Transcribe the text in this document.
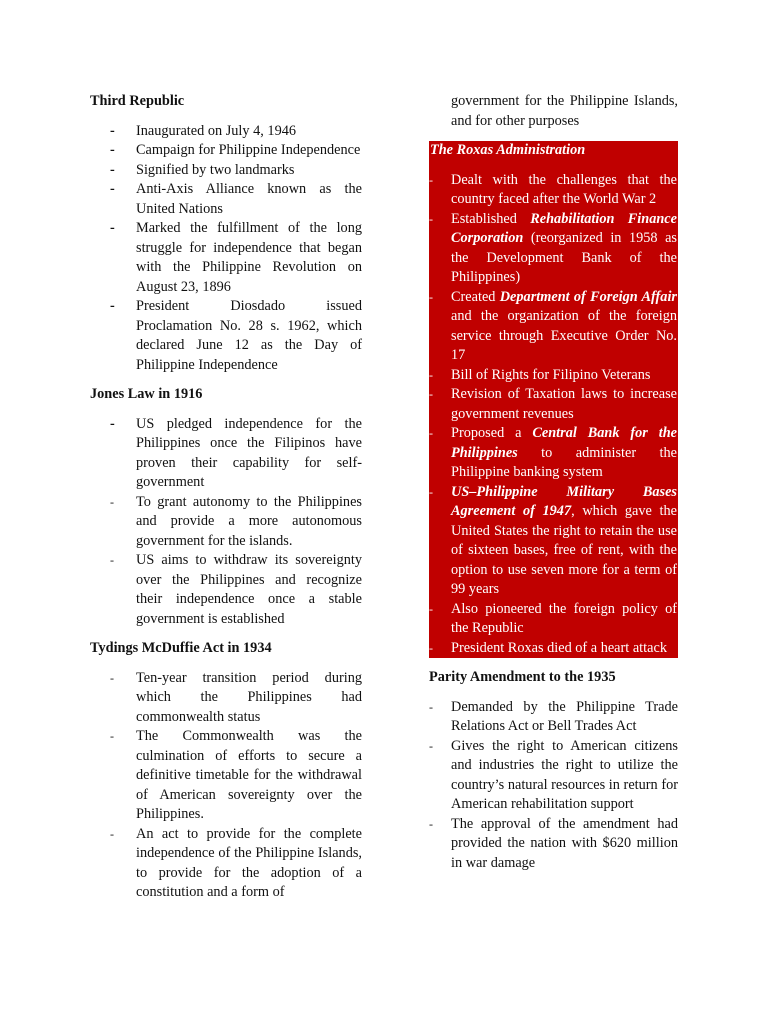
Third Republic

- Inaugurated on July 4, 1946
- Campaign for Philippine Independence
- Signified by two landmarks
- Anti-Axis Alliance known as the United Nations
- Marked the fulfillment of the long struggle for independence that began with the Philippine Revolution on August 23, 1896
- President Diosdado issued Proclamation No. 28 s. 1962, which declared June 12 as the Day of Philippine Independence

Jones Law in 1916

- US pledged independence for the Philippines once the Filipinos have proven their capability for self-government
- To grant autonomy to the Philippines and provide a more autonomous government for the islands.
- US aims to withdraw its sovereignty over the Philippines and recognize their independence once a stable government is established

Tydings McDuffie Act in 1934

- Ten-year transition period during which the Philippines had commonwealth status
- The Commonwealth was the culmination of efforts to secure a definitive timetable for the withdrawal of American sovereignty over the Philippines.
- An act to provide for the complete independence of the Philippine Islands, to provide for the adoption of a constitution and a form of

government for the Philippine Islands, and for other purposes

The Roxas Administration

- Dealt with the challenges that the country faced after the World War 2
- Established Rehabilitation Finance Corporation (reorganized in 1958 as the Development Bank of the Philippines)
- Created Department of Foreign Affair and the organization of the foreign service through Executive Order No. 17
- Bill of Rights for Filipino Veterans
- Revision of Taxation laws to increase government revenues
- Proposed a Central Bank for the Philippines to administer the Philippine banking system
- US–Philippine Military Bases Agreement of 1947, which gave the United States the right to retain the use of sixteen bases, free of rent, with the option to use seven more for a term of 99 years
- Also pioneered the foreign policy of the Republic
- President Roxas died of a heart attack

Parity Amendment to the 1935

- Demanded by the Philippine Trade Relations Act or Bell Trades Act
- Gives the right to American citizens and industries the right to utilize the country’s natural resources in return for American rehabilitation support
- The approval of the amendment had provided the nation with $620 million in war damage
